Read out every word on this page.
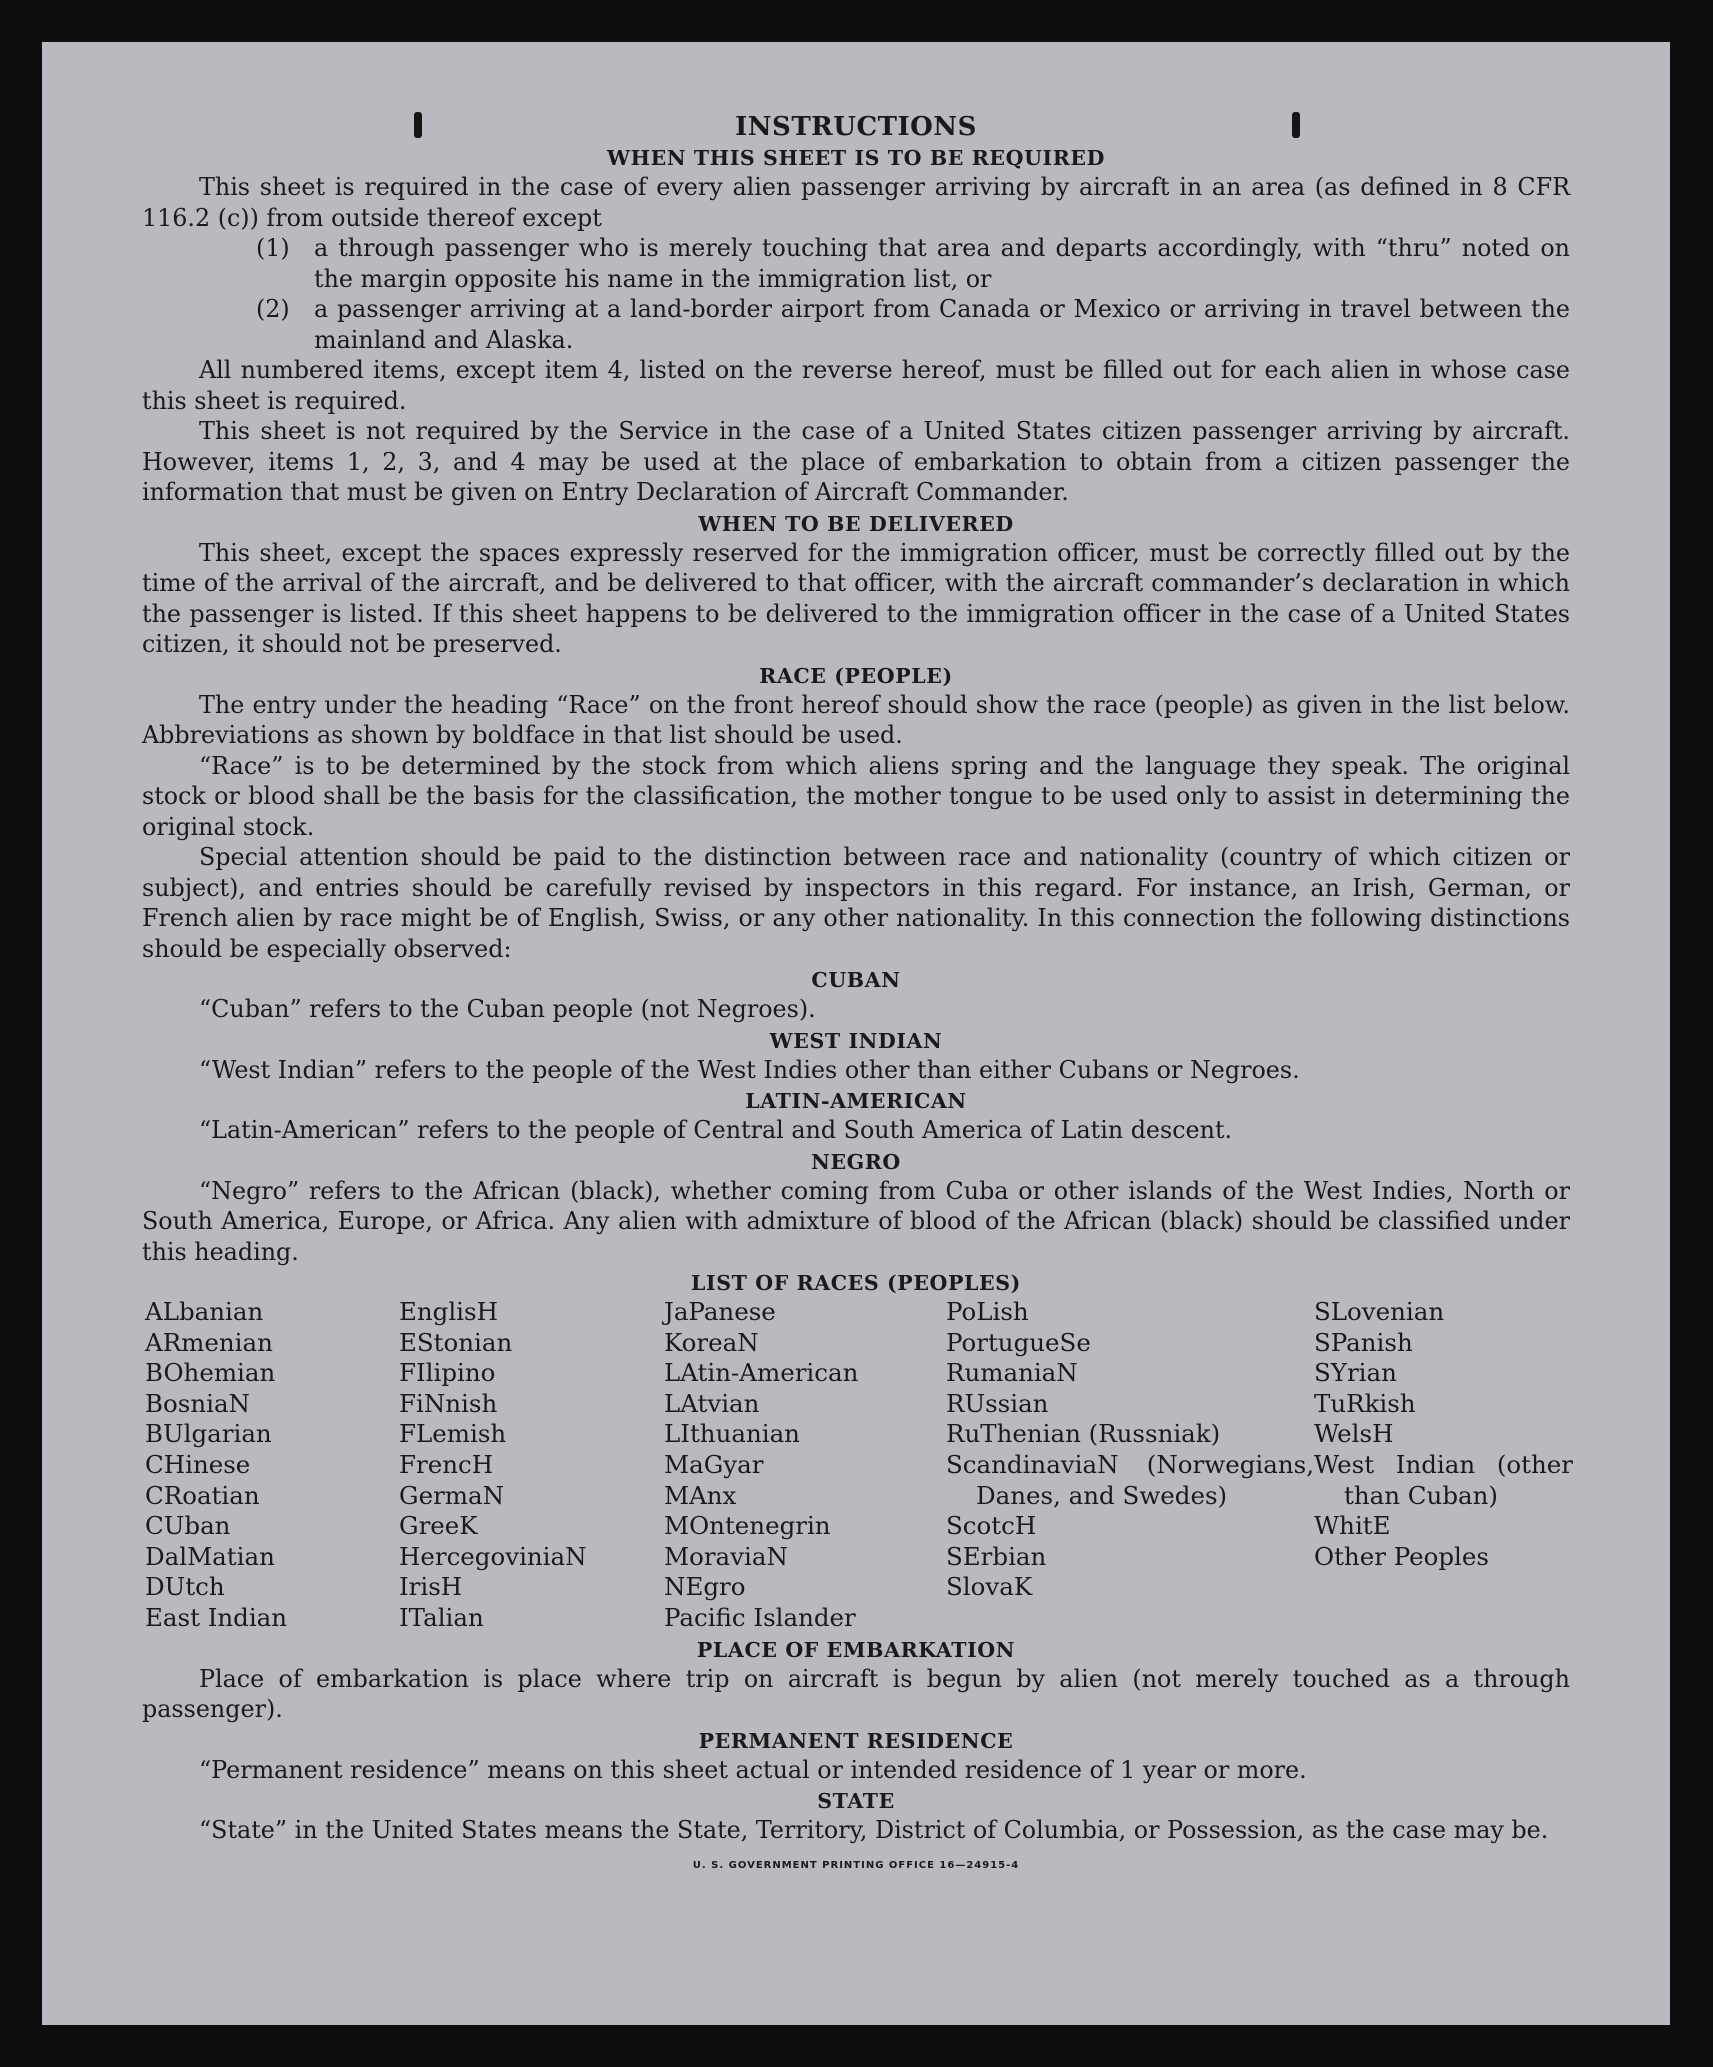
INSTRUCTIONS
WHEN THIS SHEET IS TO BE REQUIRED

This sheet is required in the case of every alien passenger arriving by aircraft in an area (as defined in 8 CFR 116.2 (c)) from outside thereof except

(1) a through passenger who is merely touching that area and departs accordingly, with “thru” noted on the margin opposite his name in the immigration list, or
(2) a passenger arriving at a land-border airport from Canada or Mexico or arriving in travel between the mainland and Alaska.

All numbered items, except item 4, listed on the reverse hereof, must be filled out for each alien in whose case this sheet is required.

This sheet is not required by the Service in the case of a United States citizen passenger arriving by aircraft. However, items 1, 2, 3, and 4 may be used at the place of embarkation to obtain from a citizen passenger the information that must be given on Entry Declaration of Aircraft Commander.

WHEN TO BE DELIVERED

This sheet, except the spaces expressly reserved for the immigration officer, must be correctly filled out by the time of the arrival of the aircraft, and be delivered to that officer, with the aircraft commander’s declaration in which the passenger is listed. If this sheet happens to be delivered to the immigration officer in the case of a United States citizen, it should not be preserved.

RACE (PEOPLE)

The entry under the heading “Race” on the front hereof should show the race (people) as given in the list below. Abbreviations as shown by boldface in that list should be used.

“Race” is to be determined by the stock from which aliens spring and the language they speak. The original stock or blood shall be the basis for the classification, the mother tongue to be used only to assist in determining the original stock.

Special attention should be paid to the distinction between race and nationality (country of which citizen or subject), and entries should be carefully revised by inspectors in this regard. For instance, an Irish, German, or French alien by race might be of English, Swiss, or any other nationality. In this connection the following distinctions should be especially observed:

CUBAN

“Cuban” refers to the Cuban people (not Negroes).

WEST INDIAN

“West Indian” refers to the people of the West Indies other than either Cubans or Negroes.

LATIN-AMERICAN

“Latin-American” refers to the people of Central and South America of Latin descent.

NEGRO

“Negro” refers to the African (black), whether coming from Cuba or other islands of the West Indies, North or South America, Europe, or Africa. Any alien with admixture of blood of the African (black) should be classified under this heading.

LIST OF RACES (PEOPLES)
ALbanian
ARmenian
BOhemian
BosniaN
BUlgarian
CHinese
CRoatian
CUban
DalMatian
DUtch
East Indian
EnglisH
EStonian
FIlipino
FiNnish
FLemish
FrencH
GermaN
GreeK
HercegoviniaN
IrisH
ITalian
JaPanese
KoreaN
LAtin-American
LAtvian
LIthuanian
MaGyar
MAnx
MOntenegrin
MoraviaN
NEgro
Pacific Islander
PoLish
PortugueSe
RumaniaN
RUssian
RuThenian (Russniak)
ScandinaviaN (Norwegians, Danes, and Swedes)
ScotcH
SErbian
SlovaK
SLovenian
SPanish
SYrian
TuRkish
WelsH
West Indian (other than Cuban)
WhitE
Other Peoples
PLACE OF EMBARKATION

Place of embarkation is place where trip on aircraft is begun by alien (not merely touched as a through passenger).

PERMANENT RESIDENCE

“Permanent residence” means on this sheet actual or intended residence of 1 year or more.

STATE

“State” in the United States means the State, Territory, District of Columbia, or Possession, as the case may be.

U. S. GOVERNMENT PRINTING OFFICE 16—24915-4
